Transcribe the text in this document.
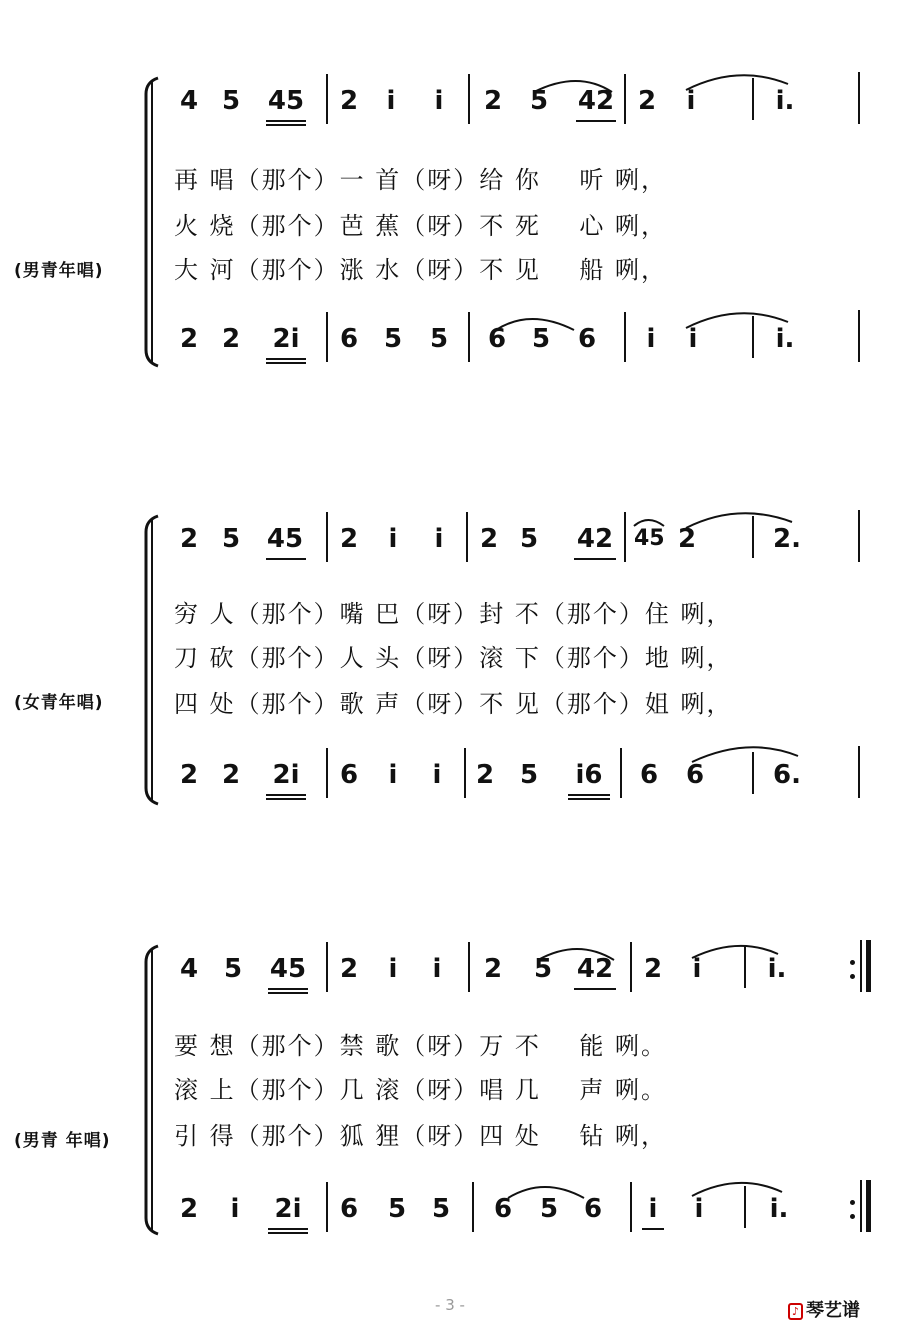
(男青年唱)
4 5 45 2 i i 2 5 42 2 i	i.
再 唱（那个）一 首（呀）给 你    听 咧，
火 烧（那个）芭 蕉（呀）不 死    心 咧，
大 河（那个）涨 水（呀）不 见    船 咧，
2 2 2i 6 5 5 6 5 6 i i	i.
(女青年唱)
2 5 45 2 i i 2 5 42 45 2	2.
穷 人（那个）嘴 巴（呀）封 不（那个）住 咧，
刀 砍（那个）人 头（呀）滚 下（那个）地 咧，
四 处（那个）歌 声（呀）不 见（那个）姐 咧，
2 2 2i 6 i i 2 5 i6 6 6	6.
(男青 年唱)
4 5 45 2 i i 2 5 42 2 i	i.
要 想（那个）禁 歌（呀）万 不    能 咧。
滚 上（那个）几 滚（呀）唱 几    声 咧。
引 得（那个）狐 狸（呀）四 处    钻 咧，
2 i 2i 6 5 5 6 5 6 i i	i.
- 3 -	♪ 琴艺谱
